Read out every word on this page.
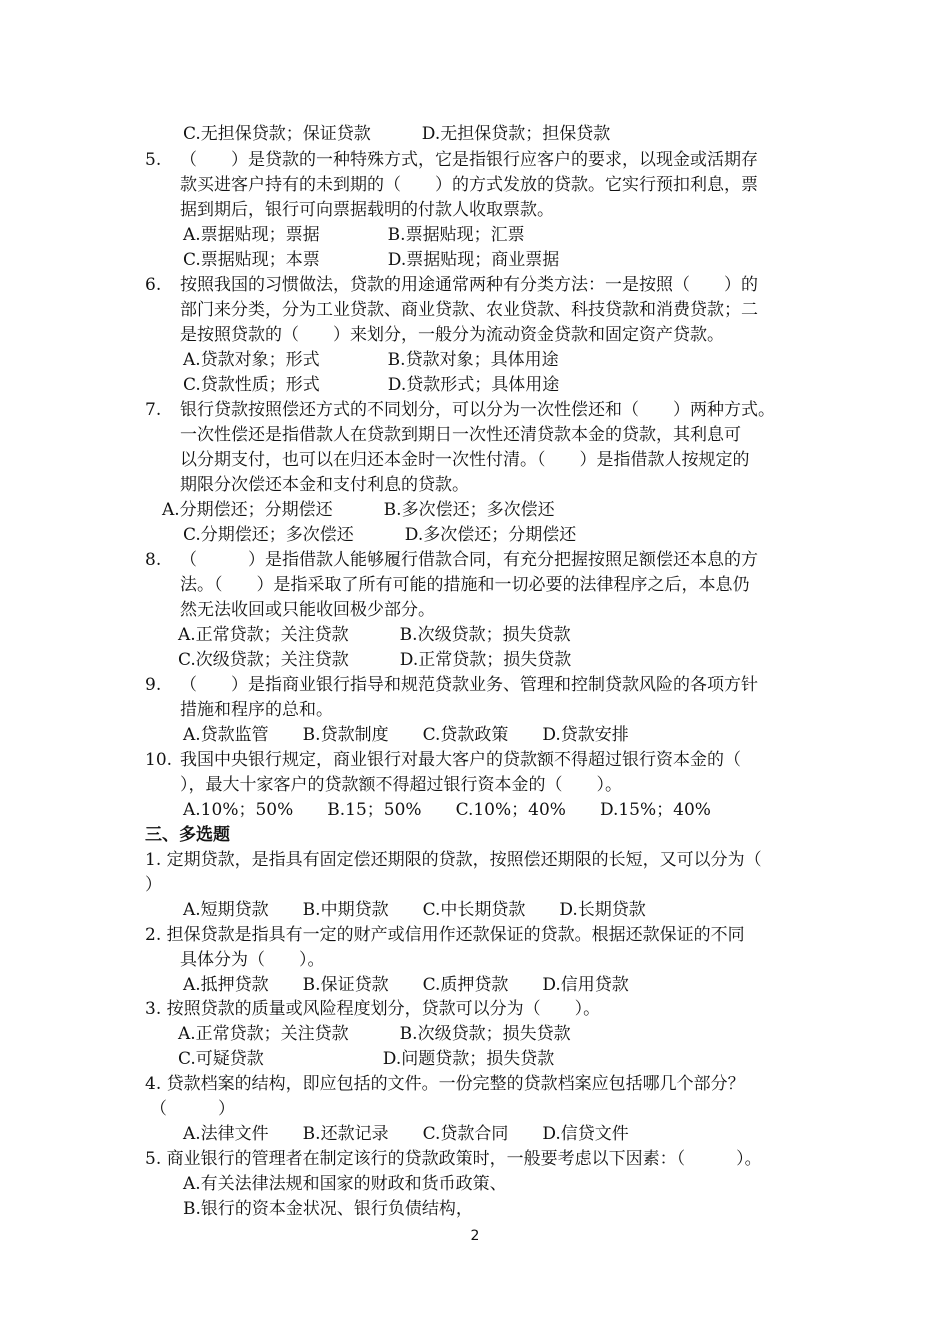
C.无担保贷款；保证贷款　　　D.无担保贷款；担保贷款
5. （　　）是贷款的一种特殊方式，它是指银行应客户的要求，以现金或活期存
款买进客户持有的未到期的（　　）的方式发放的贷款。它实行预扣利息，票
据到期后，银行可向票据载明的付款人收取票款。
A.票据贴现；票据　　　　B.票据贴现；汇票
C.票据贴现；本票　　　　D.票据贴现；商业票据
6. 按照我国的习惯做法，贷款的用途通常两种有分类方法：一是按照（　　）的
部门来分类，分为工业贷款、商业贷款、农业贷款、科技贷款和消费贷款；二
是按照贷款的（　　）来划分，一般分为流动资金贷款和固定资产贷款。
A.贷款对象；形式　　　　B.贷款对象；具体用途
C.贷款性质；形式　　　　D.贷款形式；具体用途
7. 银行贷款按照偿还方式的不同划分，可以分为一次性偿还和（　　）两种方式。
一次性偿还是指借款人在贷款到期日一次性还清贷款本金的贷款，其利息可
以分期支付，也可以在归还本金时一次性付清。（　　）是指借款人按规定的
期限分次偿还本金和支付利息的贷款。
A.分期偿还；分期偿还　　　B.多次偿还；多次偿还
C.分期偿还；多次偿还　　　D.多次偿还；分期偿还
8. （　　　）是指借款人能够履行借款合同，有充分把握按照足额偿还本息的方
法。（　　）是指采取了所有可能的措施和一切必要的法律程序之后，本息仍
然无法收回或只能收回极少部分。
A.正常贷款；关注贷款　　　B.次级贷款；损失贷款
C.次级贷款；关注贷款　　　D.正常贷款；损失贷款
9. （　　）是指商业银行指导和规范贷款业务、管理和控制贷款风险的各项方针
措施和程序的总和。
A.贷款监管　　B.贷款制度　　C.贷款政策　　D.贷款安排
10. 我国中央银行规定，商业银行对最大客户的贷款额不得超过银行资本金的（
），最大十家客户的贷款额不得超过银行资本金的（　　）。
A.10%；50%　　B.15；50%　　C.10%；40%　　D.15%；40%
三、多选题
1. 定期贷款，是指具有固定偿还期限的贷款，按照偿还期限的长短，又可以分为（
）
A.短期贷款　　B.中期贷款　　C.中长期贷款　　D.长期贷款
2. 担保贷款是指具有一定的财产或信用作还款保证的贷款。根据还款保证的不同
具体分为（　　）。
A.抵押贷款　　B.保证贷款　　C.质押贷款　　D.信用贷款
3. 按照贷款的质量或风险程度划分，贷款可以分为（　　）。
A.正常贷款；关注贷款　　　B.次级贷款；损失贷款
C.可疑贷款　　　　　　　D.问题贷款；损失贷款
4. 贷款档案的结构，即应包括的文件。一份完整的贷款档案应包括哪几个部分？
（　　　）
A.法律文件　　B.还款记录　　C.贷款合同　　D.信贷文件
5. 商业银行的管理者在制定该行的贷款政策时，一般要考虑以下因素：（　　　）。
A.有关法律法规和国家的财政和货币政策、
B.银行的资本金状况、银行负债结构，
2
